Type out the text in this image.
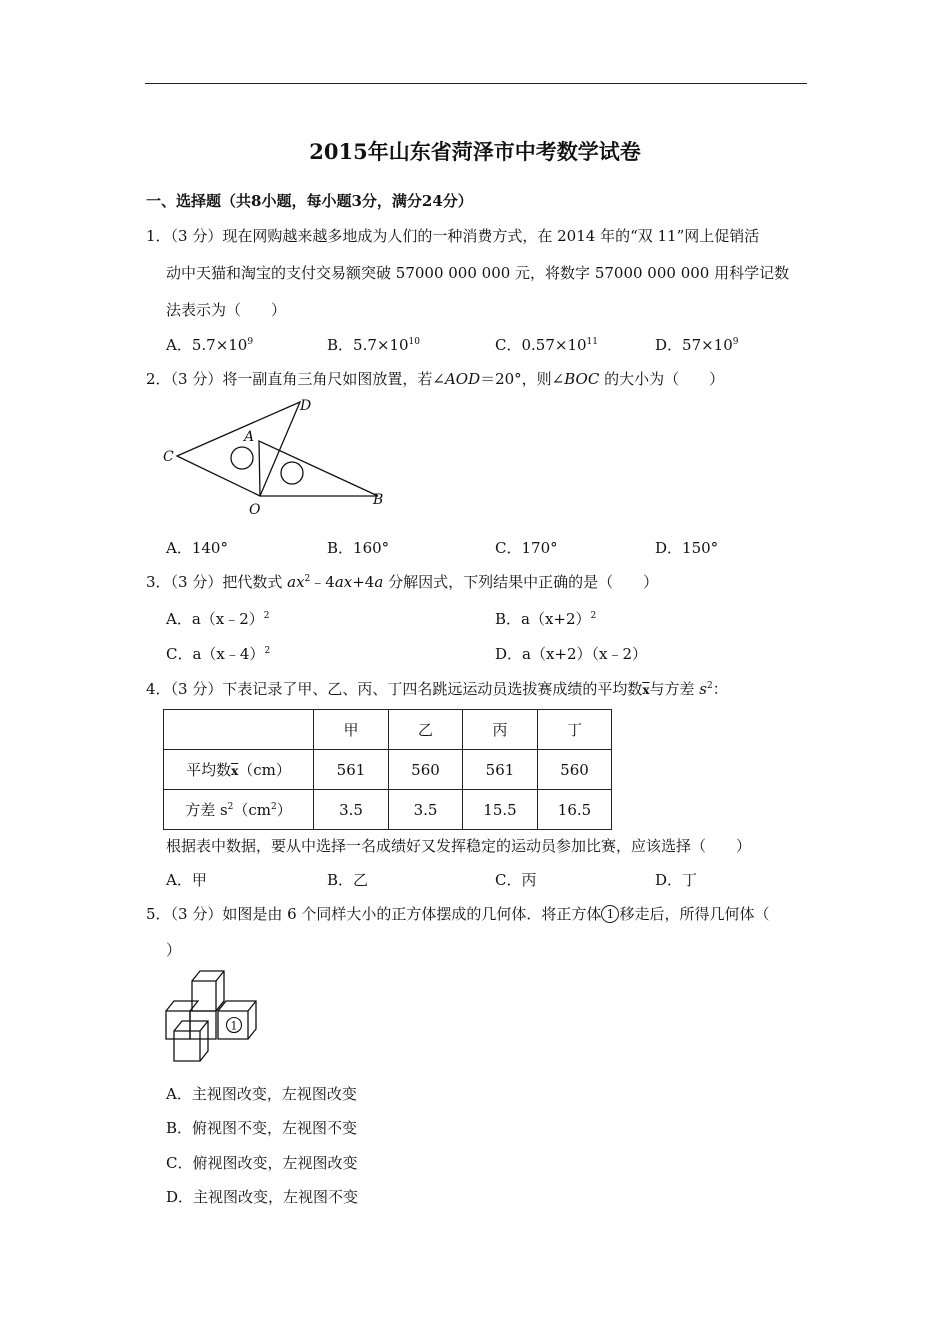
2015年山东省菏泽市中考数学试卷
一、选择题（共8小题，每小题3分，满分24分）
1．（3 分）现在网购越来越多地成为人们的一种消费方式，在 2014 年的“双 11”网上促销活
动中天猫和淘宝的支付交易额突破 57000 000 000 元，将数字 57000 000 000 用科学记数
法表示为（　　）
A．$5.7\times 10^9$	B．$5.7\times 10^{10}$	C．$0.57\times 10^{11}$	D．$57\times 10^9$
2．（3 分）将一副直角三角尺如图放置，若∠AOD＝20°，则∠BOC 的大小为（　　）
C
A
D
O
B
A．140°	B．160°	C．170°	D．150°
3．（3 分）把代数式 $ax^2﹣4ax+4a$ 分解因式，下列结果中正确的是（　　）
A．a（x﹣2）$^2$	B．$a(x+2)^2$
C．a（x﹣4）$^2$	D．a（x+2）（x﹣2）
4．（3 分）下表记录了甲、乙、丙、丁四名跳远运动员选拔赛成绩的平均数$\overline{x}$与方差 $s^2$：
	甲	乙	丙	丁
平均数$\overline{x}(cm)$	561	560	561	560
方差 $s^2(cm^2)$	3.5	3.5	15.5	16.5
根据表中数据，要从中选择一名成绩好又发挥稳定的运动员参加比赛，应该选择（　　）
A．甲	B．乙	C．丙	D．丁
5．（3 分）如图是由 6 个同样大小的正方体摆成的几何体．将正方体 1 移走后，所得几何体（
）
1
A．主视图改变，左视图改变
B．俯视图不变，左视图不变
C．俯视图改变，左视图改变
D．主视图改变，左视图不变
